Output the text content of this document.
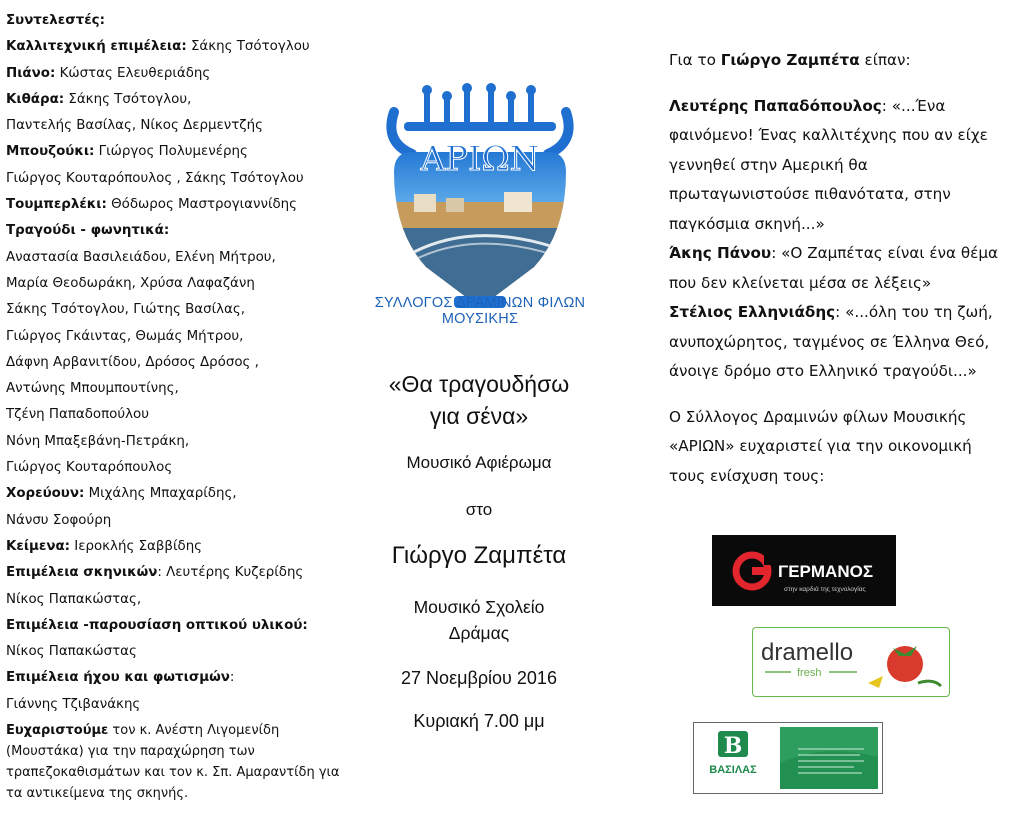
Συντελεστές:
Καλλιτεχνική επιμέλεια: Σάκης Τσότογλου
Πιάνο: Κώστας Ελευθεριάδης
Κιθάρα: Σάκης Τσότογλου,
Παντελής Βασίλας, Νίκος Δερμεντζής
Μπουζούκι: Γιώργος Πολυμενέρης
Γιώργος Κουταρόπουλος , Σάκης Τσότογλου
Τουμπερλέκι: Θόδωρος Μαστρογιαννίδης
Τραγούδι - φωνητικά:
Αναστασία Βασιλειάδου, Ελένη Μήτρου,
Μαρία Θεοδωράκη, Χρύσα Λαφαζάνη
Σάκης Τσότογλου, Γιώτης Βασίλας,
Γιώργος Γκάιντας, Θωμάς Μήτρου,
Δάφνη Αρβανιτίδου, Δρόσος Δρόσος ,
Αντώνης Μπουμπουτίνης,
Τζένη Παπαδοπούλου
Νόνη Μπαξεβάνη-Πετράκη,
Γιώργος Κουταρόπουλος
Χορεύουν: Μιχάλης Μπαχαρίδης,
Νάνσυ Σοφούρη
Κείμενα: Ιεροκλής Σαββίδης
Επιμέλεια σκηνικών: Λευτέρης Κυζερίδης
Νίκος Παπακώστας,
Επιμέλεια -παρουσίαση οπτικού υλικού:
Νίκος Παπακώστας
Επιμέλεια ήχου και φωτισμών:
Γιάννης Τζιβανάκης
Ευχαριστούμε τον κ. Ανέστη Λιγομενίδη (Μουστάκα) για την παραχώρηση των τραπεζοκαθισμάτων και τον κ. Σπ. Αμαραντίδη για τα αντικείμενα της σκηνής.
ΑΡΙΩΝ
ΣΥΛΛΟΓΟΣ ΔΡΑΜΙΝΩΝ ΦΙΛΩΝ ΜΟΥΣΙΚΗΣ
«Θα τραγουδήσω
για σένα»
Μουσικό Αφιέρωμα
στο
Γιώργο Ζαμπέτα
Μουσικό Σχολείο
Δράμας
27 Νοεμβρίου 2016
Κυριακή 7.00 μμ

Για το Γιώργο Ζαμπέτα είπαν:

Λευτέρης Παπαδόπουλος: «...Ένα φαινόμενο! Ένας καλλιτέχνης που αν είχε γεννηθεί στην Αμερική θα πρωταγωνιστούσε πιθανότατα, στην παγκόσμια σκηνή...»

Άκης Πάνου: «Ο Ζαμπέτας είναι ένα θέμα που δεν κλείνεται μέσα σε λέξεις»

Στέλιος Ελληνιάδης: «...όλη του τη ζωή, ανυποχώρητος, ταγμένος σε Έλληνα Θεό, άνοιγε δρόμο στο Ελληνικό τραγούδι...»

Ο Σύλλογος Δραμινών φίλων Μουσικής «ΑΡΙΩΝ» ευχαριστεί για την οικονομική τους ενίσχυση τους:

ΓΕΡΜΑΝΟΣ
στην καρδιά της τεχνολογίας
dramello
fresh
B
ΒΑΣΙΛΑΣ
